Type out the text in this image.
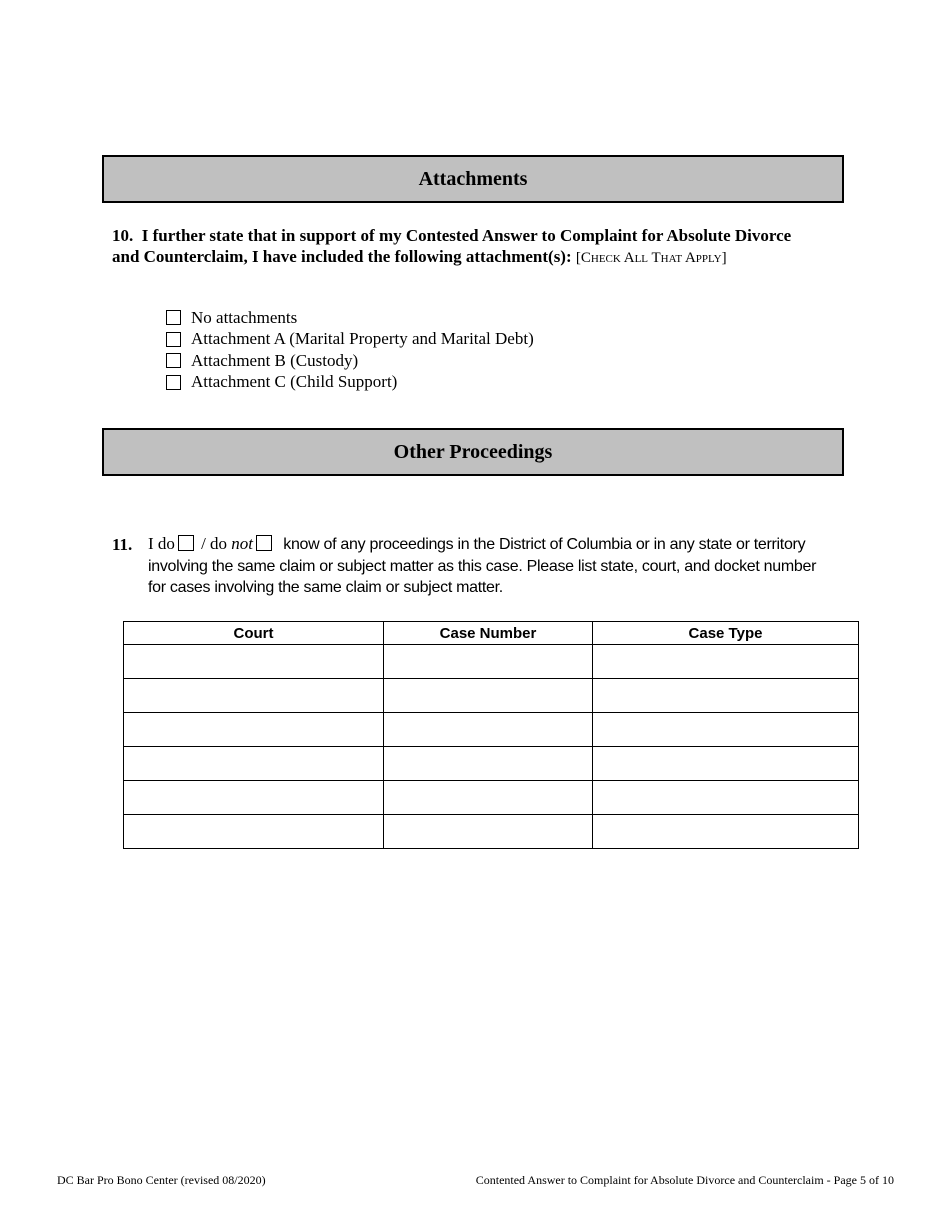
Attachments
10. I further state that in support of my Contested Answer to Complaint for Absolute Divorce and Counterclaim, I have included the following attachment(s): [Check All That Apply]
No attachments
Attachment A (Marital Property and Marital Debt)
Attachment B (Custody)
Attachment C (Child Support)
Other Proceedings
11. I do / do not know of any proceedings in the District of Columbia or in any state or territory involving the same claim or subject matter as this case. Please list state, court, and docket number for cases involving the same claim or subject matter.
Court	Case Number	Case Type

DC Bar Pro Bono Center (revised 08/2020)	Contented Answer to Complaint for Absolute Divorce and Counterclaim - Page 5 of 10
